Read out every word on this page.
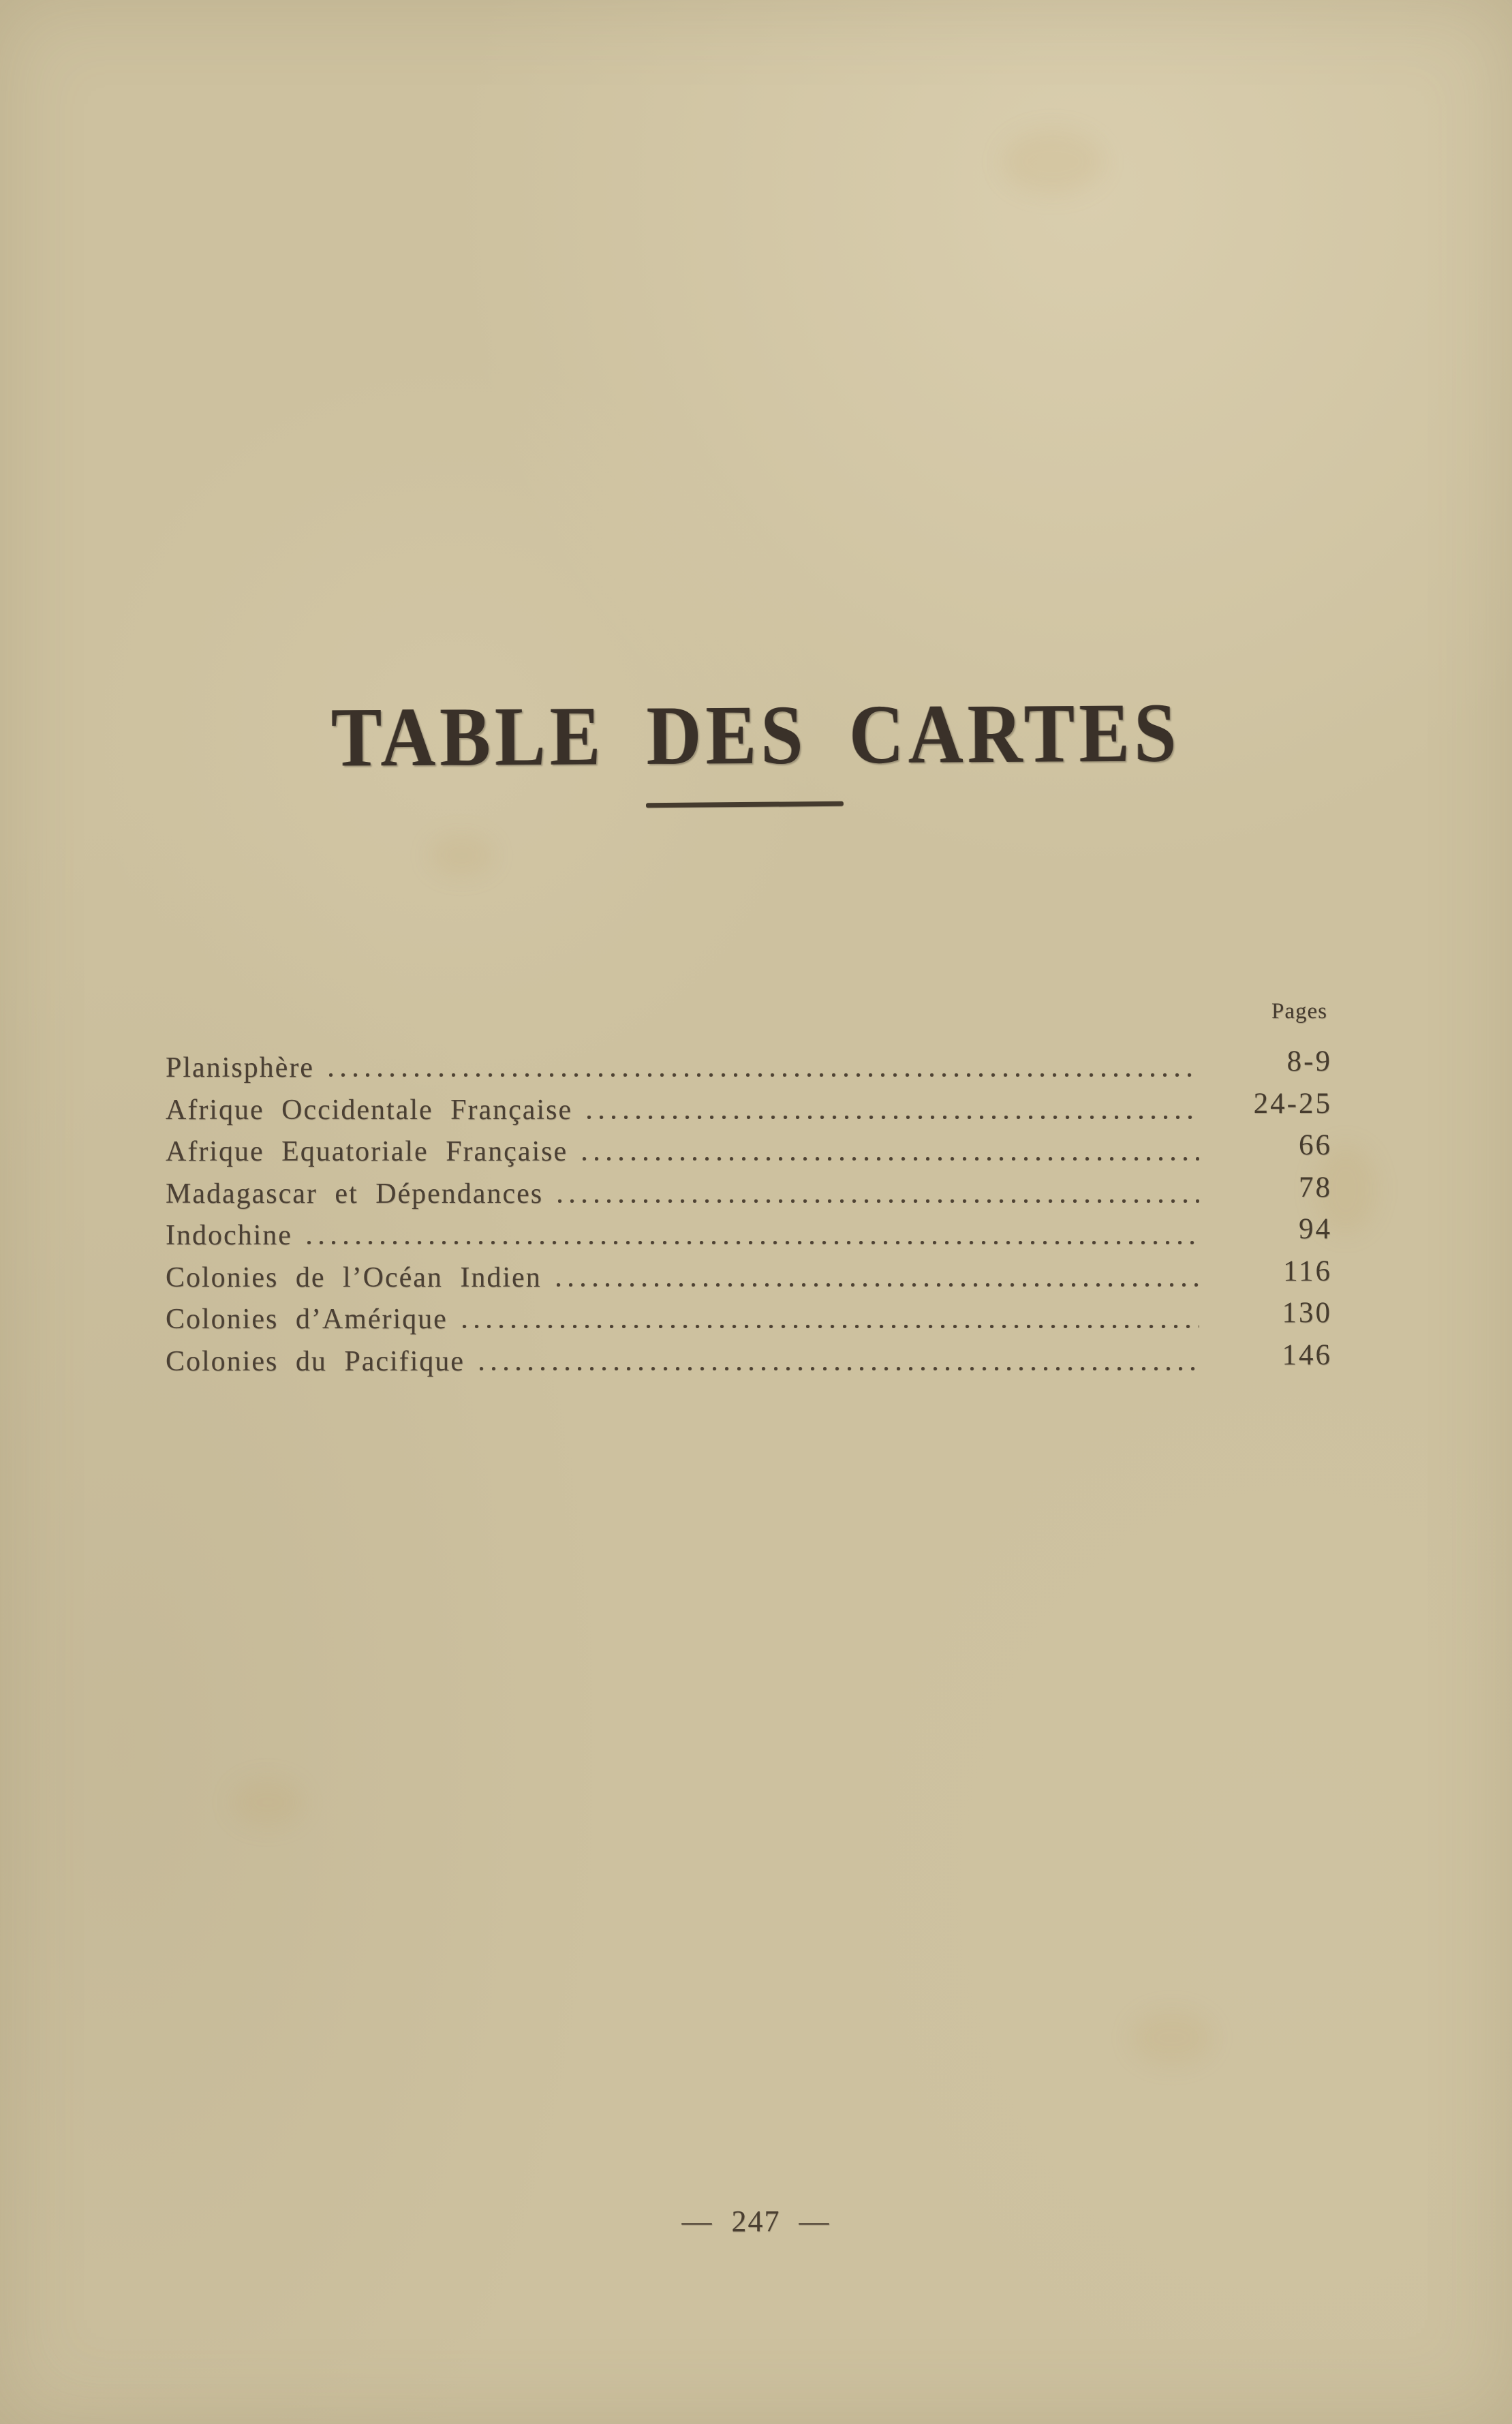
TABLE DES CARTES
Pages
Planisphère	8-9
Afrique Occidentale Française	24-25
Afrique Equatoriale Française	66
Madagascar et Dépendances	78
Indochine	94
Colonies de l’Océan Indien	116
Colonies d’Amérique	130
Colonies du Pacifique	146
— 247 —
